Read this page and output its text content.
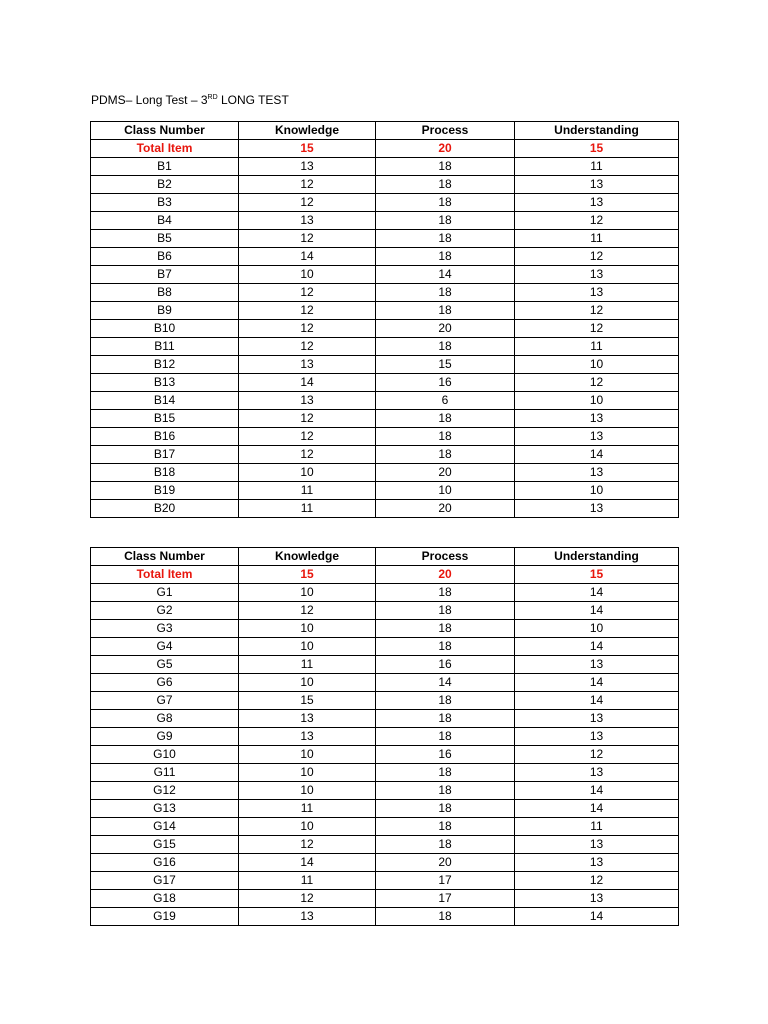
PDMS– Long Test – 3RD LONG TEST
Class Number	Knowledge	Process	Understanding
Total Item	15	20	15
B1	13	18	11
B2	12	18	13
B3	12	18	13
B4	13	18	12
B5	12	18	11
B6	14	18	12
B7	10	14	13
B8	12	18	13
B9	12	18	12
B10	12	20	12
B11	12	18	11
B12	13	15	10
B13	14	16	12
B14	13	6	10
B15	12	18	13
B16	12	18	13
B17	12	18	14
B18	10	20	13
B19	11	10	10
B20	11	20	13
Class Number	Knowledge	Process	Understanding
Total Item	15	20	15
G1	10	18	14
G2	12	18	14
G3	10	18	10
G4	10	18	14
G5	11	16	13
G6	10	14	14
G7	15	18	14
G8	13	18	13
G9	13	18	13
G10	10	16	12
G11	10	18	13
G12	10	18	14
G13	11	18	14
G14	10	18	11
G15	12	18	13
G16	14	20	13
G17	11	17	12
G18	12	17	13
G19	13	18	14
